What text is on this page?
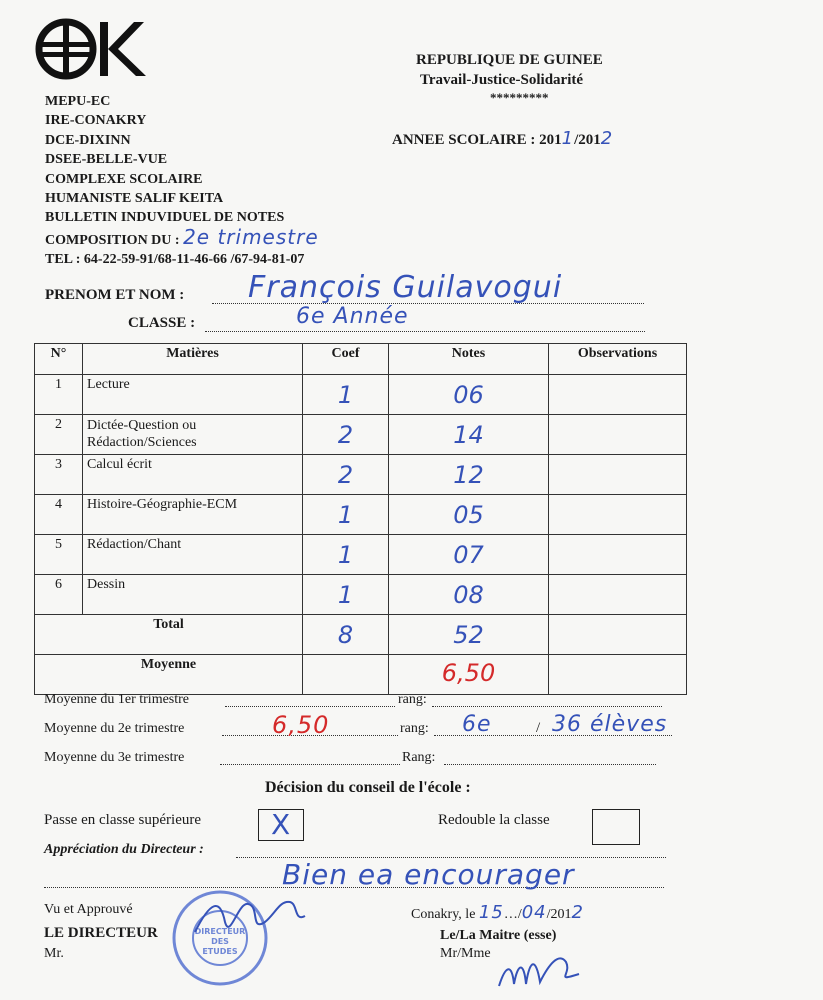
REPUBLIQUE DE GUINEE
Travail-Justice-Solidarité
*********
ANNEE SCOLAIRE : 2011/2012
MEPU-EC
IRE-CONAKRY
DCE-DIXINN
DSEE-BELLE-VUE
COMPLEXE SCOLAIRE
HUMANISTE SALIF KEITA
BULLETIN INDUVIDUEL DE NOTES
COMPOSITION DU : 2e trimestre
TEL : 64-22-59-91/68-11-46-66 /67-94-81-07
PRENOM ET NOM : François Guilavogui
CLASSE :	6e Année
N°	Matières	Coef	Notes	Observations
1	Lecture	1	06	

2	Dictée-Question ou Rédaction/Sciences	2	14	

3	Calcul écrit	2	12	

4	Histoire-Géographie-ECM	1	05	

5	Rédaction/Chant	1	07	

6	Dessin	1	08	

Total		8	52	

Moyenne			6,50	

Moyenne du 1er trimestre	rang:
Moyenne du 2e trimestre	6,50	rang: 6e	/ 36 élèves
Moyenne du 3e trimestre	Rang:
Décision du conseil de l'école :
Passe en classe supérieure X	Redouble la classe
Appréciation du Directeur :
Bien ea encourager
Vu et Approuvé
LE DIRECTEUR
Mr.
Conakry, le 15…/04/2012
Le/La Maitre (esse)
Mr/Mme
DIRECTEUR
DES
ETUDES
